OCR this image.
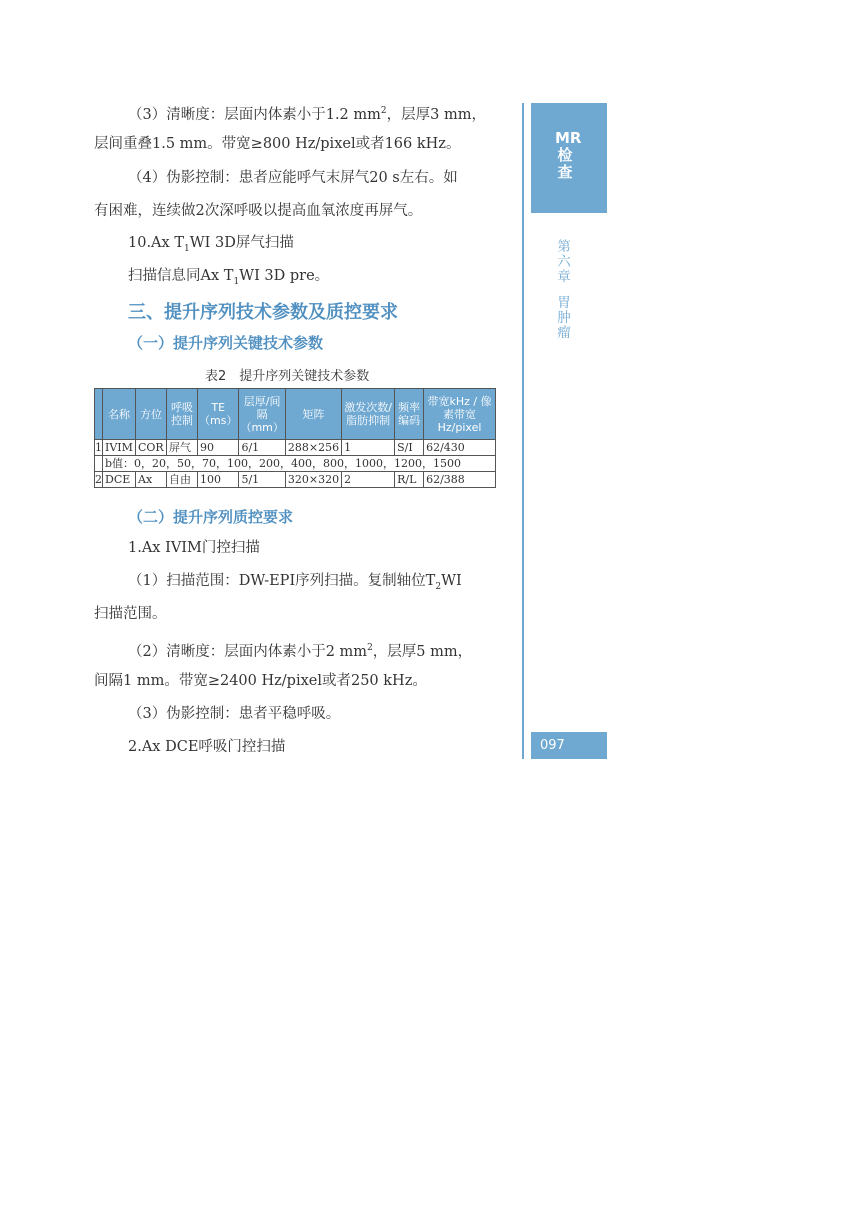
（3）清晰度：层面内体素小于1.2 $mm^2$，层厚3 mm，
层间重叠1.5 mm。带宽≥800 Hz/pixel或者166 kHz。
（4）伪影控制：患者应能呼气末屏气20 s左右。如
有困难，连续做2次深呼吸以提高血氧浓度再屏气。
10.Ax $T_1WI$ 3D屏气扫描
扫描信息同Ax $T_1WI$ 3D pre。
三、提升序列技术参数及质控要求
（一）提升序列关键技术参数
表2　提升序列关键技术参数
	名称	方位	呼吸控制	TE（ms）	层厚/间隔（mm）	矩阵	激发次数/脂肪抑制	频率编码	带宽kHz / 像素带宽Hz/pixel
1	IVIM	COR	屏气	90	6/1	288×256	1	S/I	62/430
	b值：0，20，50，70，100，200，400，800，1000，1200，1500								
2	DCE	Ax	自由	100	5/1	320×320	2	R/L	62/388
（二）提升序列质控要求
1.Ax IVIM门控扫描
（1）扫描范围：DW-EPI序列扫描。复制轴位$T_2WI$
扫描范围。
（2）清晰度：层面内体素小于2 $mm^2$，层厚5 mm，
间隔1 mm。带宽≥2400 Hz/pixel或者250 kHz。
（3）伪影控制：患者平稳呼吸。
2.Ax DCE呼吸门控扫描
MR检查
第六章
胃肿瘤
097
